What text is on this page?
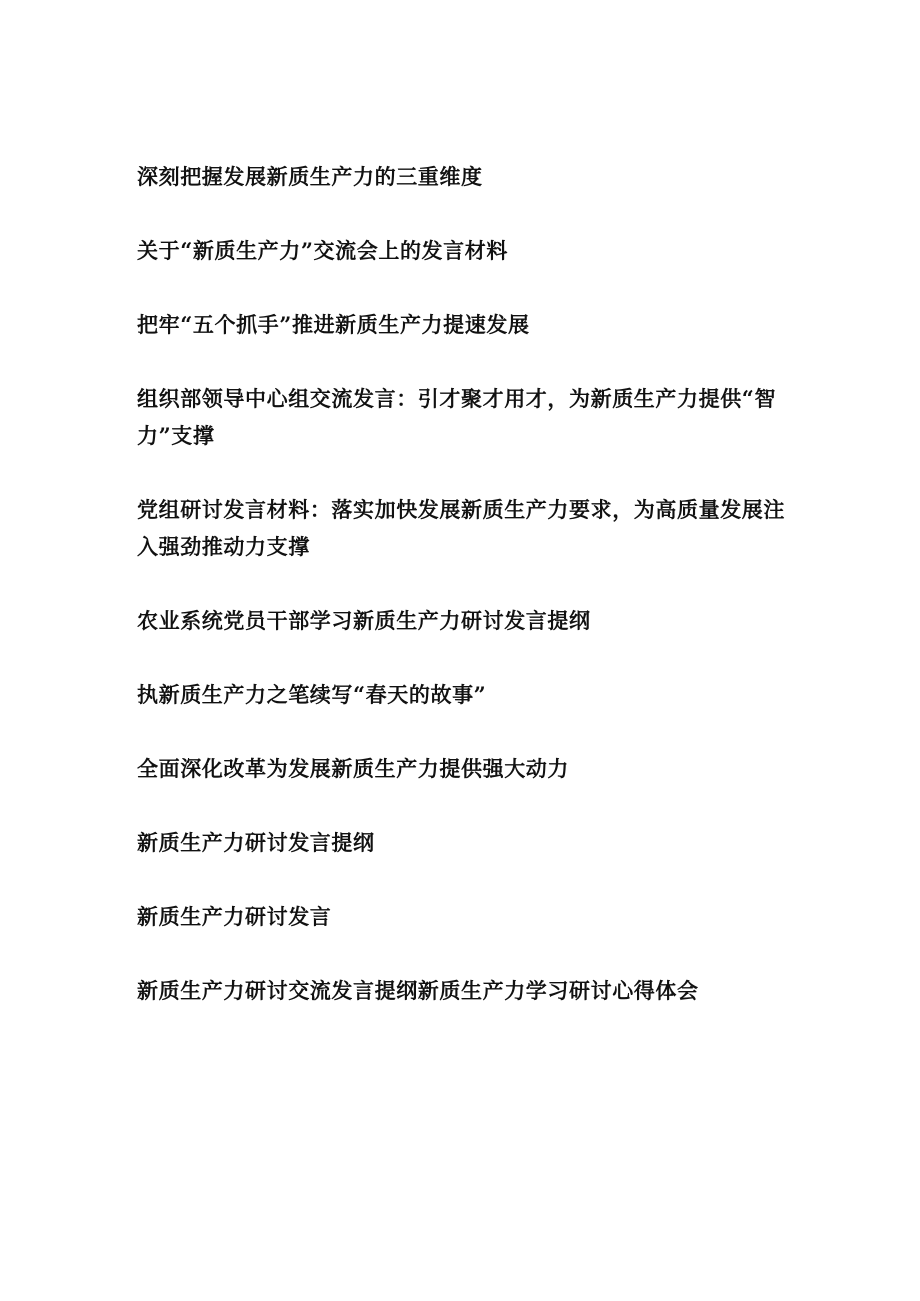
深刻把握发展新质生产力的三重维度
关于“新质生产力”交流会上的发言材料
把牢“五个抓手”推进新质生产力提速发展
组织部领导中心组交流发言：引才聚才用才，为新质生产力提供“智力”支撑
党组研讨发言材料：落实加快发展新质生产力要求，为高质量发展注入强劲推动力支撑
农业系统党员干部学习新质生产力研讨发言提纲
执新质生产力之笔续写“春天的故事”
全面深化改革为发展新质生产力提供强大动力
新质生产力研讨发言提纲
新质生产力研讨发言
新质生产力研讨交流发言提纲新质生产力学习研讨心得体会
